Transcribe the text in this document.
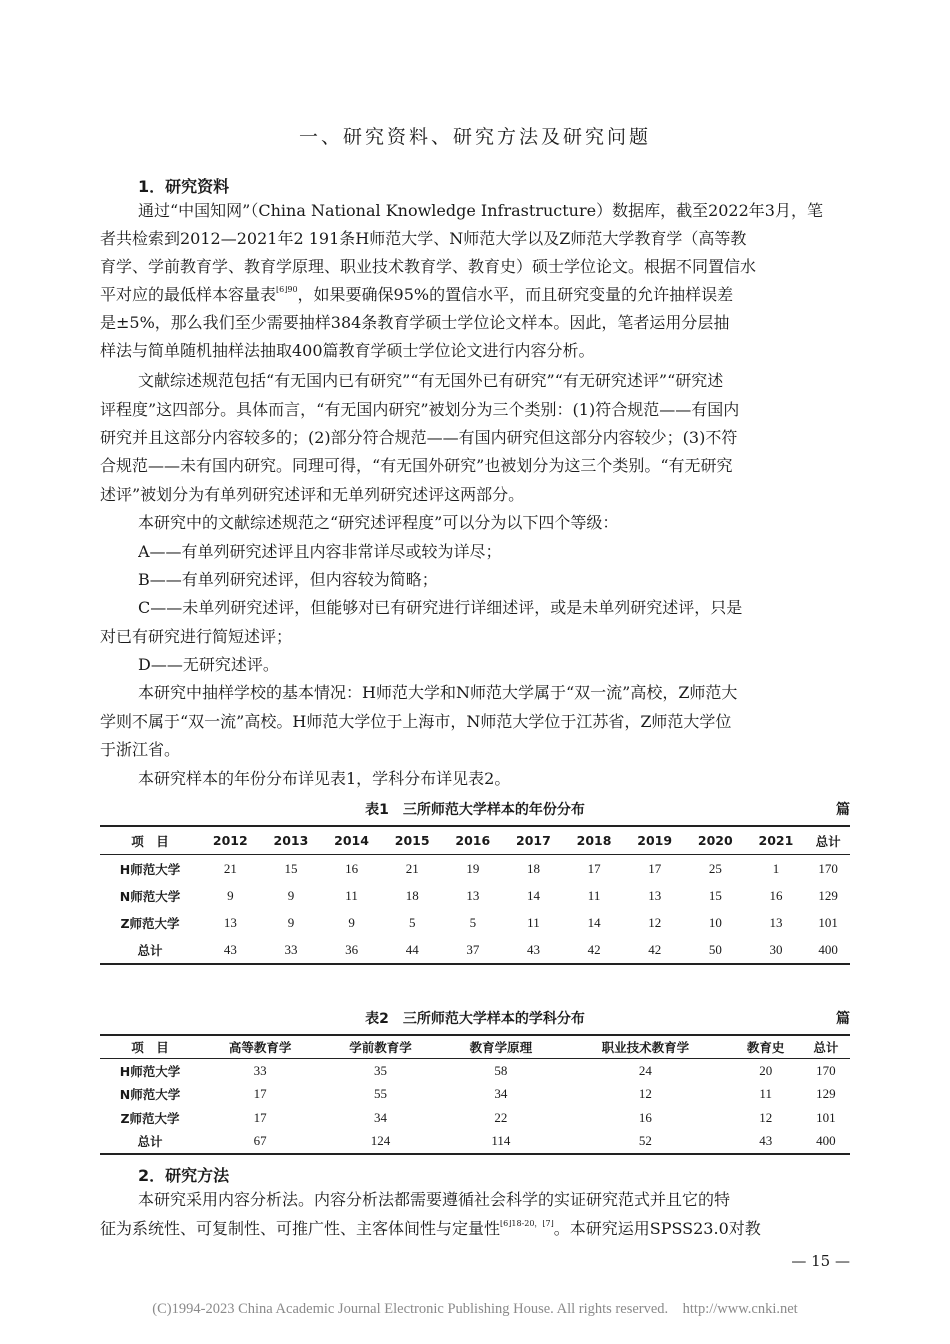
一、研究资料、研究方法及研究问题
1．研究资料
通过“中国知网”（China National Knowledge Infrastructure）数据库，截至2022年3月，笔
者共检索到2012—2021年2 191条H师范大学、N师范大学以及Z师范大学教育学（高等教
育学、学前教育学、教育学原理、职业技术教育学、教育史）硕士学位论文。根据不同置信水
平对应的最低样本容量表$^{[6]90}$，如果要确保95%的置信水平，而且研究变量的允许抽样误差
是±5%，那么我们至少需要抽样384条教育学硕士学位论文样本。因此，笔者运用分层抽
样法与简单随机抽样法抽取400篇教育学硕士学位论文进行内容分析。
文献综述规范包括“有无国内已有研究”“有无国外已有研究”“有无研究述评”“研究述
评程度”这四部分。具体而言，“有无国内研究”被划分为三个类别：(1)符合规范——有国内
研究并且这部分内容较多的；(2)部分符合规范——有国内研究但这部分内容较少；(3)不符
合规范——未有国内研究。同理可得，“有无国外研究”也被划分为这三个类别。“有无研究
述评”被划分为有单列研究述评和无单列研究述评这两部分。
本研究中的文献综述规范之“研究述评程度”可以分为以下四个等级：
A——有单列研究述评且内容非常详尽或较为详尽；
B——有单列研究述评，但内容较为简略；
C——未单列研究述评，但能够对已有研究进行详细述评，或是未单列研究述评，只是
对已有研究进行简短述评；
D——无研究述评。
本研究中抽样学校的基本情况：H师范大学和N师范大学属于“双一流”高校，Z师范大
学则不属于“双一流”高校。H师范大学位于上海市，N师范大学位于江苏省，Z师范大学位
于浙江省。
本研究样本的年份分布详见表1，学科分布详见表2。
表1　三所师范大学样本的年份分布	篇
项　目	2012	2013	2014	2015	2016	2017	2018	2019	2020	2021	总计
H师范大学	21	15	16	21	19	18	17	17	25	1	170
N师范大学	9	9	11	18	13	14	11	13	15	16	129
Z师范大学	13	9	9	5	5	11	14	12	10	13	101
总计	43	33	36	44	37	43	42	42	50	30	400
表2　三所师范大学样本的学科分布	篇
项　目	高等教育学	学前教育学	教育学原理	职业技术教育学	教育史	总计
H师范大学	33	35	58	24	20	170
N师范大学	17	55	34	12	11	129
Z师范大学	17	34	22	16	12	101
总计	67	124	114	52	43	400
2．研究方法
本研究采用内容分析法。内容分析法都需要遵循社会科学的实证研究范式并且它的特
征为系统性、可复制性、可推广性、主客体间性与定量性[6]18-20，[7]。本研究运用SPSS23.0对教
— 15 —
(C)1994-2023 China Academic Journal Electronic Publishing House. All rights reserved.　http://www.cnki.net
